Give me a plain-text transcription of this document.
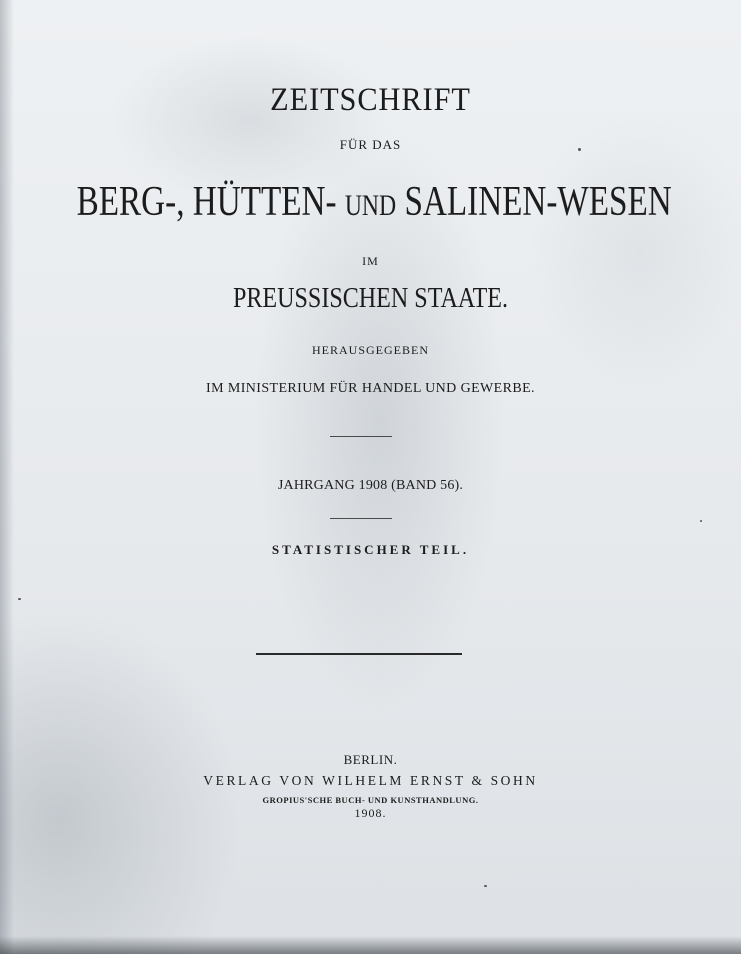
ZEITSCHRIFT
FÜR DAS
BERG-, HÜTTEN- UND SALINEN-WESEN
IM
PREUSSISCHEN STAATE.
HERAUSGEGEBEN
IM MINISTERIUM FÜR HANDEL UND GEWERBE.
JAHRGANG 1908 (BAND 56).
STATISTISCHER TEIL.
BERLIN.
VERLAG VON WILHELM ERNST & SOHN
GROPIUS'SCHE BUCH- UND KUNSTHANDLUNG.
1908.
